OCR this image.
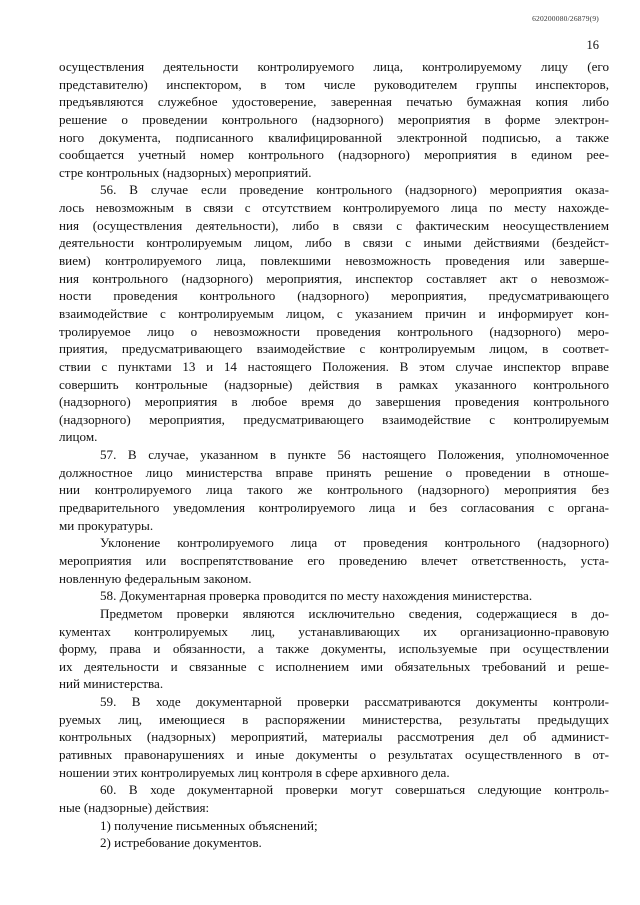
620200080/26879(9)
16
осуществления деятельности контролируемого лица, контролируемому лицу (его
представителю) инспектором, в том числе руководителем группы инспекторов,
предъявляются служебное удостоверение, заверенная печатью бумажная копия либо
решение о проведении контрольного (надзорного) мероприятия в форме электрон-
ного документа, подписанного квалифицированной электронной подписью, а также
сообщается учетный номер контрольного (надзорного) мероприятия в едином рее-
стре контрольных (надзорных) мероприятий.
56. В случае если проведение контрольного (надзорного) мероприятия оказа-
лось невозможным в связи с отсутствием контролируемого лица по месту нахожде-
ния (осуществления деятельности), либо в связи с фактическим неосуществлением
деятельности контролируемым лицом, либо в связи с иными действиями (бездейст-
вием) контролируемого лица, повлекшими невозможность проведения или заверше-
ния контрольного (надзорного) мероприятия, инспектор составляет акт о невозмож-
ности проведения контрольного (надзорного) мероприятия, предусматривающего
взаимодействие с контролируемым лицом, с указанием причин и информирует кон-
тролируемое лицо о невозможности проведения контрольного (надзорного) меро-
приятия, предусматривающего взаимодействие с контролируемым лицом, в соответ-
ствии с пунктами 13 и 14 настоящего Положения. В этом случае инспектор вправе
совершить контрольные (надзорные) действия в рамках указанного контрольного
(надзорного) мероприятия в любое время до завершения проведения контрольного
(надзорного) мероприятия, предусматривающего взаимодействие с контролируемым
лицом.
57. В случае, указанном в пункте 56 настоящего Положения, уполномоченное
должностное лицо министерства вправе принять решение о проведении в отноше-
нии контролируемого лица такого же контрольного (надзорного) мероприятия без
предварительного уведомления контролируемого лица и без согласования с органа-
ми прокуратуры.
Уклонение контролируемого лица от проведения контрольного (надзорного)
мероприятия или воспрепятствование его проведению влечет ответственность, уста-
новленную федеральным законом.
58. Документарная проверка проводится по месту нахождения министерства.
Предметом проверки являются исключительно сведения, содержащиеся в до-
кументах контролируемых лиц, устанавливающих их организационно-правовую
форму, права и обязанности, а также документы, используемые при осуществлении
их деятельности и связанные с исполнением ими обязательных требований и реше-
ний министерства.
59. В ходе документарной проверки рассматриваются документы контроли-
руемых лиц, имеющиеся в распоряжении министерства, результаты предыдущих
контрольных (надзорных) мероприятий, материалы рассмотрения дел об админист-
ративных правонарушениях и иные документы о результатах осуществленного в от-
ношении этих контролируемых лиц контроля в сфере архивного дела.
60. В ходе документарной проверки могут совершаться следующие контроль-
ные (надзорные) действия:
1) получение письменных объяснений;
2) истребование документов.
